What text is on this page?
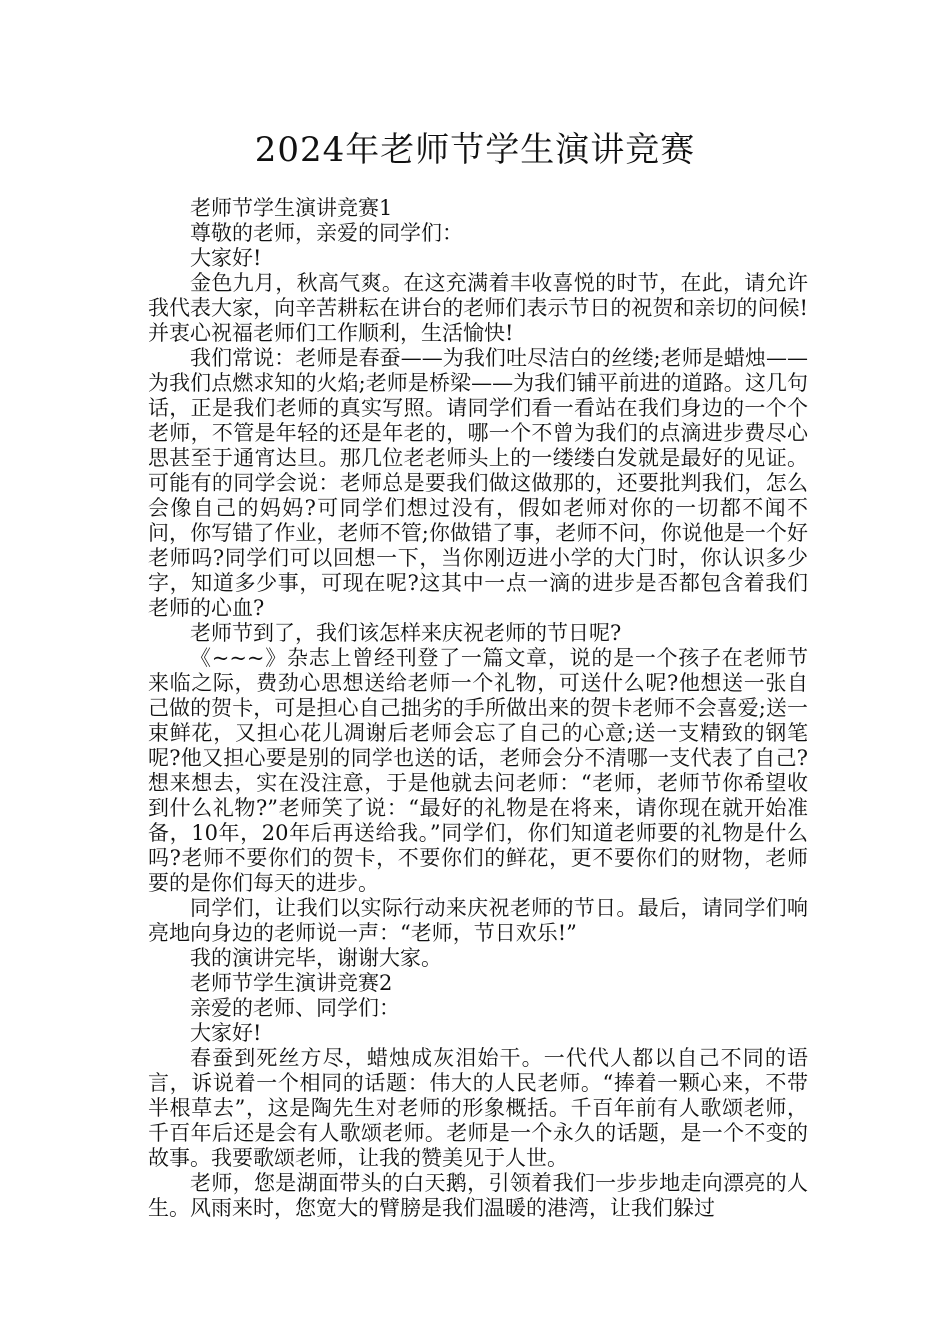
2024年老师节学生演讲竞赛

老师节学生演讲竞赛1

尊敬的老师，亲爱的同学们：

大家好!

金色九月，秋高气爽。在这充满着丰收喜悦的时节，在此，请允许我代表大家，向辛苦耕耘在讲台的老师们表示节日的祝贺和亲切的问候!并衷心祝福老师们工作顺利，生活愉快!

我们常说：老师是春蚕——为我们吐尽洁白的丝缕;老师是蜡烛——为我们点燃求知的火焰;老师是桥梁——为我们铺平前进的道路。这几句话，正是我们老师的真实写照。请同学们看一看站在我们身边的一个个老师，不管是年轻的还是年老的，哪一个不曾为我们的点滴进步费尽心思甚至于通宵达旦。那几位老老师头上的一缕缕白发就是最好的见证。可能有的同学会说：老师总是要我们做这做那的，还要批判我们，怎么会像自己的妈妈?可同学们想过没有，假如老师对你的一切都不闻不问，你写错了作业，老师不管;你做错了事，老师不问，你说他是一个好老师吗?同学们可以回想一下，当你刚迈进小学的大门时，你认识多少字，知道多少事，可现在呢?这其中一点一滴的进步是否都包含着我们老师的心血?

老师节到了，我们该怎样来庆祝老师的节日呢?

《~~~》杂志上曾经刊登了一篇文章，说的是一个孩子在老师节来临之际，费劲心思想送给老师一个礼物，可送什么呢?他想送一张自己做的贺卡，可是担心自己拙劣的手所做出来的贺卡老师不会喜爱;送一束鲜花，又担心花儿凋谢后老师会忘了自己的心意;送一支精致的钢笔呢?他又担心要是别的同学也送的话，老师会分不清哪一支代表了自己?想来想去，实在没注意，于是他就去问老师：“老师，老师节你希望收到什么礼物?”老师笑了说：“最好的礼物是在将来，请你现在就开始准备，10年，20年后再送给我。”同学们，你们知道老师要的礼物是什么吗?老师不要你们的贺卡，不要你们的鲜花，更不要你们的财物，老师要的是你们每天的进步。

同学们，让我们以实际行动来庆祝老师的节日。最后，请同学们响亮地向身边的老师说一声：“老师，节日欢乐!”

我的演讲完毕，谢谢大家。

老师节学生演讲竞赛2

亲爱的老师、同学们：

大家好!

春蚕到死丝方尽，蜡烛成灰泪始干。一代代人都以自己不同的语言，诉说着一个相同的话题：伟大的人民老师。“捧着一颗心来，不带半根草去”，这是陶先生对老师的形象概括。千百年前有人歌颂老师，千百年后还是会有人歌颂老师。老师是一个永久的话题，是一个不变的故事。我要歌颂老师，让我的赞美见于人世。

老师，您是湖面带头的白天鹅，引领着我们一步步地走向漂亮的人生。风雨来时，您宽大的臂膀是我们温暖的港湾，让我们躲过
